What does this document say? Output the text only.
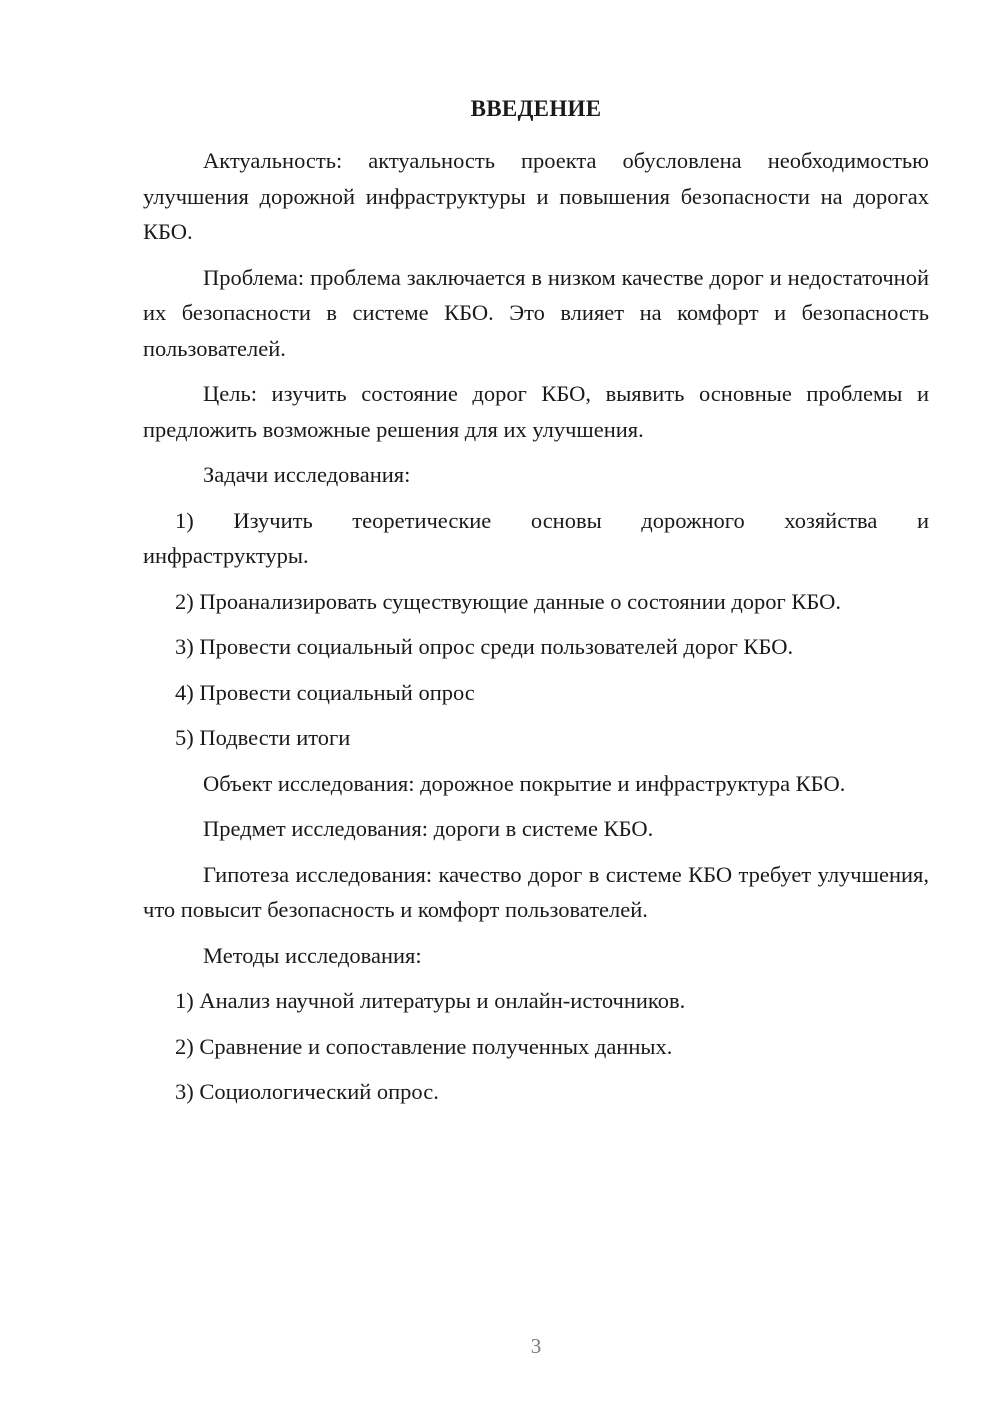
ВВЕДЕНИЕ

Актуальность: актуальность проекта обусловлена необходимостью улучшения дорожной инфраструктуры и повышения безопасности на дорогах КБО.

Проблема: проблема заключается в низком качестве дорог и недостаточной их безопасности в системе КБО. Это влияет на комфорт и безопасность пользователей.

Цель: изучить состояние дорог КБО, выявить основные проблемы и предложить возможные решения для их улучшения.

Задачи исследования:

1) Изучить теоретические основы дорожного хозяйства и
инфраструктуры.

2) Проанализировать существующие данные о состоянии дорог КБО.

3) Провести социальный опрос среди пользователей дорог КБО.

4) Провести социальный опрос

5) Подвести итоги

Объект исследования: дорожное покрытие и инфраструктура КБО.

Предмет исследования: дороги в системе КБО.

Гипотеза исследования: качество дорог в системе КБО требует улучшения, что повысит безопасность и комфорт пользователей.

Методы исследования:

1) Анализ научной литературы и онлайн-источников.

2) Сравнение и сопоставление полученных данных.

3) Социологический опрос.

3
